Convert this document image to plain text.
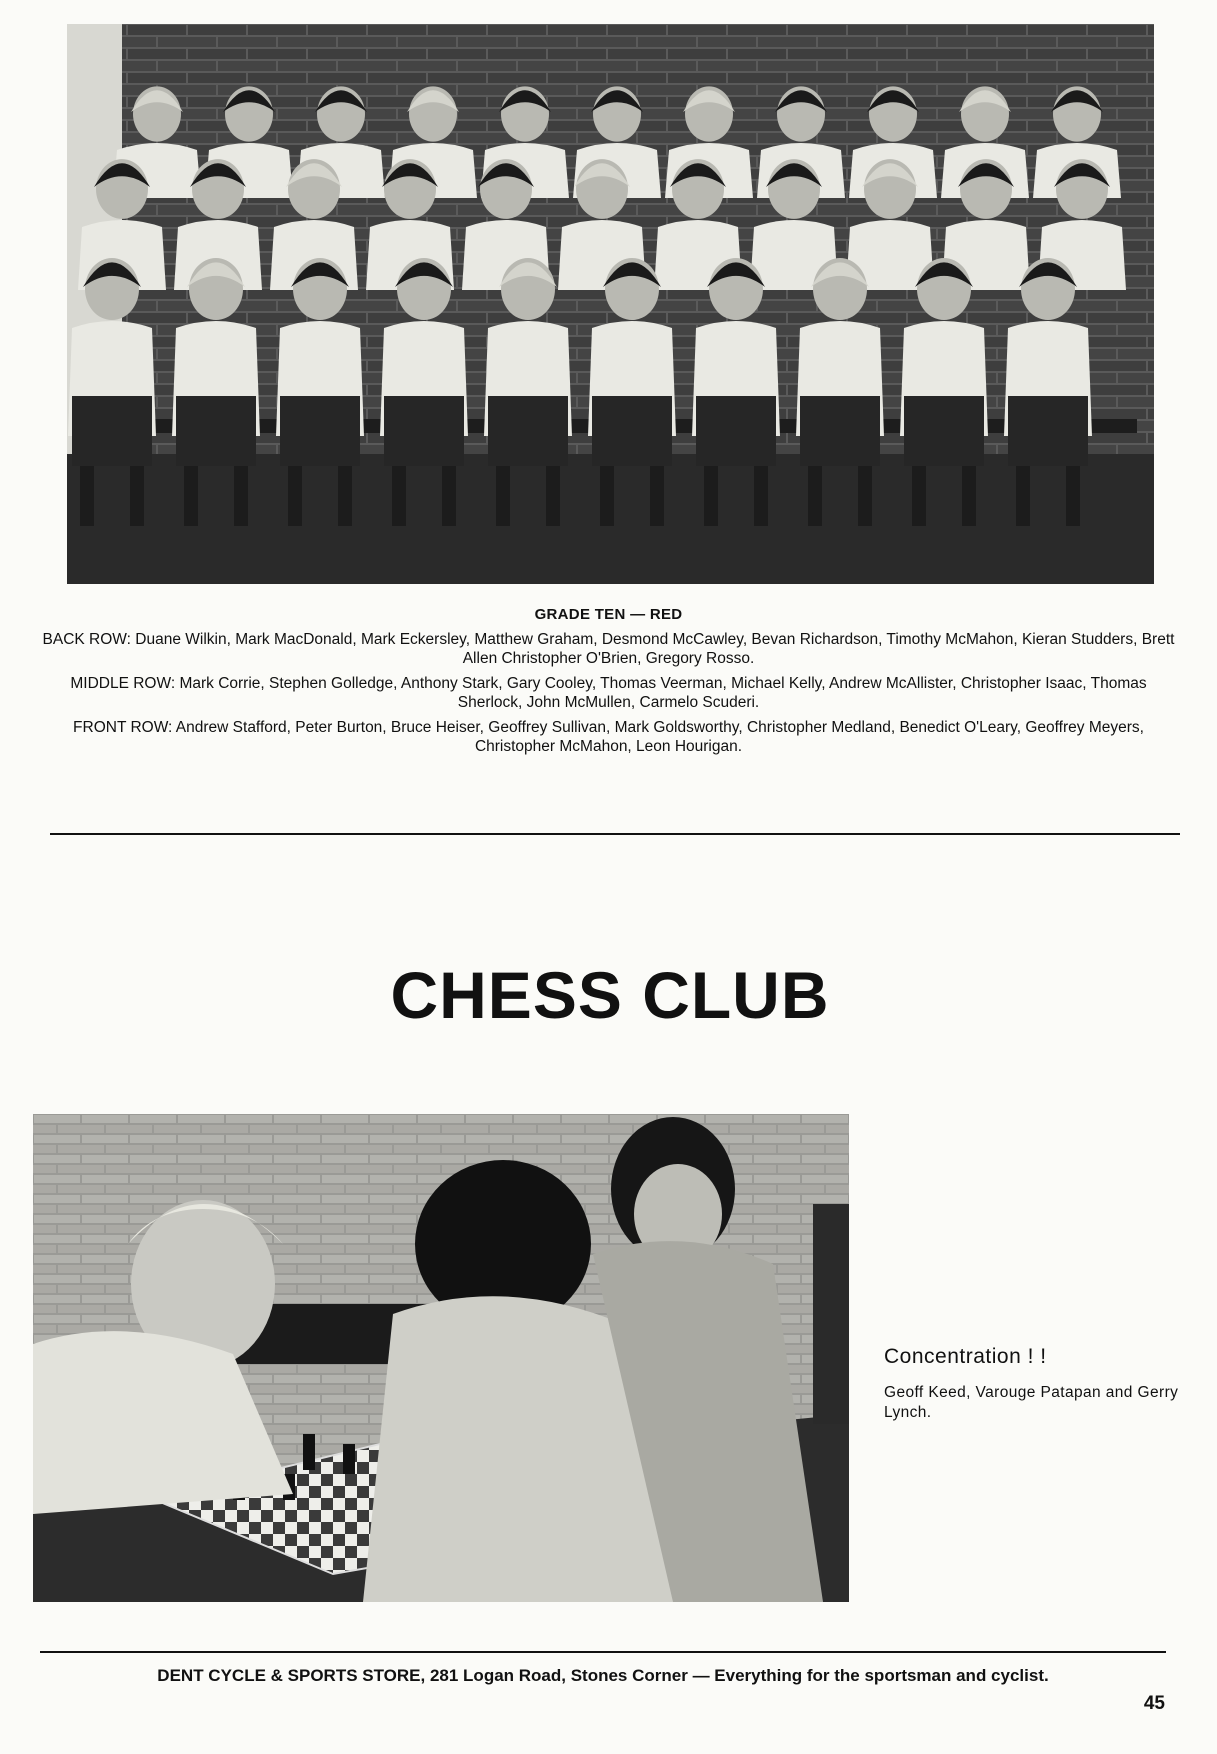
GRADE TEN — RED
BACK ROW: Duane Wilkin, Mark MacDonald, Mark Eckersley, Matthew Graham, Desmond McCawley, Bevan Richardson, Timothy McMahon, Kieran Studders, Brett Allen Christopher O'Brien, Gregory Rosso.
MIDDLE ROW: Mark Corrie, Stephen Golledge, Anthony Stark, Gary Cooley, Thomas Veerman, Michael Kelly, Andrew McAllister, Christopher Isaac, Thomas Sherlock, John McMullen, Carmelo Scuderi.
FRONT ROW: Andrew Stafford, Peter Burton, Bruce Heiser, Geoffrey Sullivan, Mark Goldsworthy, Christopher Medland, Benedict O'Leary, Geoffrey Meyers, Christopher McMahon, Leon Hourigan.
CHESS CLUB
Concentration ! !
Geoff Keed, Varouge Patapan and Gerry Lynch.
DENT CYCLE & SPORTS STORE, 281 Logan Road, Stones Corner — Everything for the sportsman and cyclist.
45
